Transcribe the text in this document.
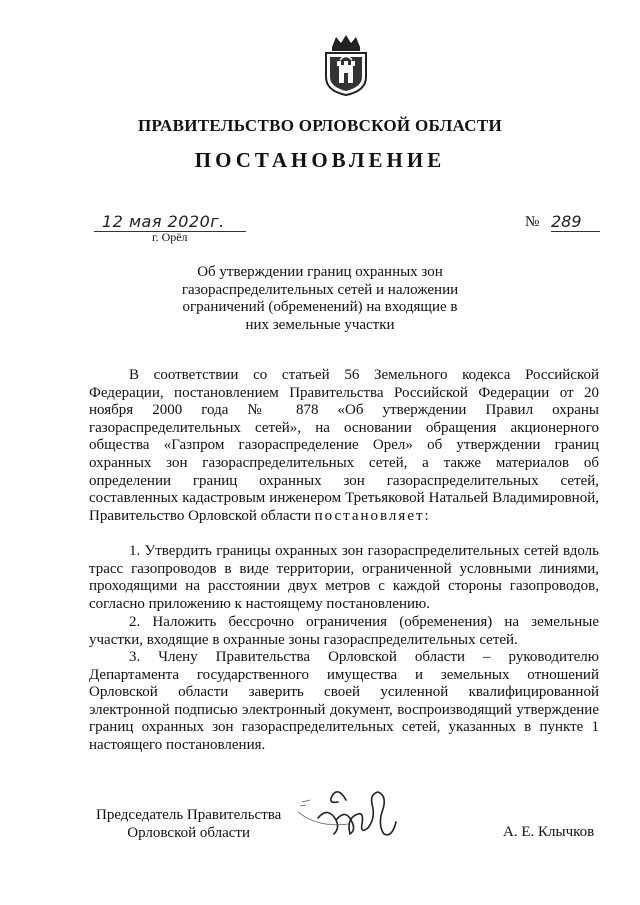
ПРАВИТЕЛЬСТВО ОРЛОВСКОЙ ОБЛАСТИ
ПОСТАНОВЛЕНИЕ
12 мая 2020г.
г. Орёл
№ 289
Об утверждении границ охранных зон газораспределительных сетей и наложении ограничений (обременений) на входящие в них земельные участки
В соответствии со статьей 56 Земельного кодекса Российской Федерации, постановлением Правительства Российской Федерации от 20 ноября 2000 года № 878 «Об утверждении Правил охраны газораспределительных сетей», на основании обращения акционерного общества «Газпром газораспределение Орел» об утверждении границ охранных зон газораспределительных сетей, а также материалов об определении границ охранных зон газораспределительных сетей, составленных кадастровым инженером Третьяковой Натальей Владимировной, Правительство Орловской области постановляет:
1. Утвердить границы охранных зон газораспределительных сетей вдоль трасс газопроводов в виде территории, ограниченной условными линиями, проходящими на расстоянии двух метров с каждой стороны газопроводов, согласно приложению к настоящему постановлению.
2. Наложить бессрочно ограничения (обременения) на земельные участки, входящие в охранные зоны газораспределительных сетей.
3. Члену Правительства Орловской области – руководителю Департамента государственного имущества и земельных отношений Орловской области заверить своей усиленной квалифицированной электронной подписью электронный документ, воспроизводящий утверждение границ охранных зон газораспределительных сетей, указанных в пункте 1 настоящего постановления.
Председатель Правительства
Орловской области	А. Е. Клычков
